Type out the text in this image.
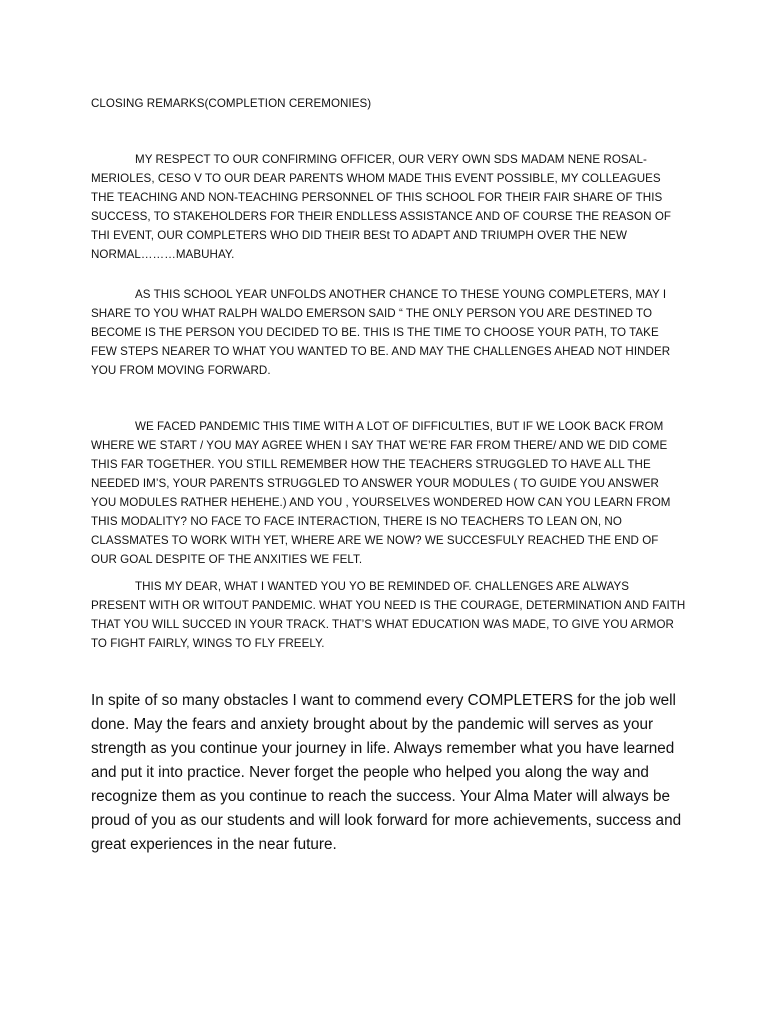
CLOSING REMARKS(COMPLETION CEREMONIES)

MY RESPECT TO OUR CONFIRMING OFFICER, OUR VERY OWN SDS MADAM NENE ROSAL-MERIOLES, CESO V TO OUR DEAR PARENTS WHOM MADE THIS EVENT POSSIBLE, MY COLLEAGUES THE TEACHING AND NON-TEACHING PERSONNEL OF THIS SCHOOL FOR THEIR FAIR SHARE OF THIS SUCCESS, TO STAKEHOLDERS FOR THEIR ENDLLESS ASSISTANCE AND OF COURSE THE REASON OF THI EVENT, OUR COMPLETERS WHO DID THEIR BESt TO ADAPT AND TRIUMPH OVER THE NEW NORMAL………MABUHAY.

AS THIS SCHOOL YEAR UNFOLDS ANOTHER CHANCE TO THESE YOUNG COMPLETERS, MAY I SHARE TO YOU WHAT RALPH WALDO EMERSON SAID “ THE ONLY PERSON YOU ARE DESTINED TO BECOME IS THE PERSON YOU DECIDED TO BE. THIS IS THE TIME TO CHOOSE YOUR PATH, TO TAKE FEW STEPS NEARER TO WHAT YOU WANTED TO BE. AND MAY THE CHALLENGES AHEAD NOT HINDER YOU FROM MOVING FORWARD.

WE FACED PANDEMIC THIS TIME WITH A LOT OF DIFFICULTIES, BUT IF WE LOOK BACK FROM WHERE WE START / YOU MAY AGREE WHEN I SAY THAT WE’RE FAR FROM THERE/ AND WE DID COME THIS FAR TOGETHER. YOU STILL REMEMBER HOW THE TEACHERS STRUGGLED TO HAVE ALL THE NEEDED IM’S, YOUR PARENTS STRUGGLED TO ANSWER YOUR MODULES ( TO GUIDE YOU ANSWER YOU MODULES RATHER HEHEHE.) AND YOU , YOURSELVES WONDERED HOW CAN YOU LEARN FROM THIS MODALITY? NO FACE TO FACE INTERACTION, THERE IS NO TEACHERS TO LEAN ON, NO CLASSMATES TO WORK WITH YET, WHERE ARE WE NOW? WE SUCCESFULY REACHED THE END OF OUR GOAL DESPITE OF THE ANXITIES WE FELT.

THIS MY DEAR, WHAT I WANTED YOU YO BE REMINDED OF. CHALLENGES ARE ALWAYS PRESENT WITH OR WITOUT PANDEMIC. WHAT YOU NEED IS THE COURAGE, DETERMINATION AND FAITH THAT YOU WILL SUCCED IN YOUR TRACK. THAT’S WHAT EDUCATION WAS MADE, TO GIVE YOU ARMOR TO FIGHT FAIRLY, WINGS TO FLY FREELY.

In spite of so many obstacles I want to commend every COMPLETERS for the job well done. May the fears and anxiety brought about by the pandemic will serves as your strength as you continue your journey in life. Always remember what you have learned and put it into practice. Never forget the people who helped you along the way and recognize them as you continue to reach the success. Your Alma Mater will always be proud of you as our students and will look forward for more achievements, success and great experiences in the near future.
